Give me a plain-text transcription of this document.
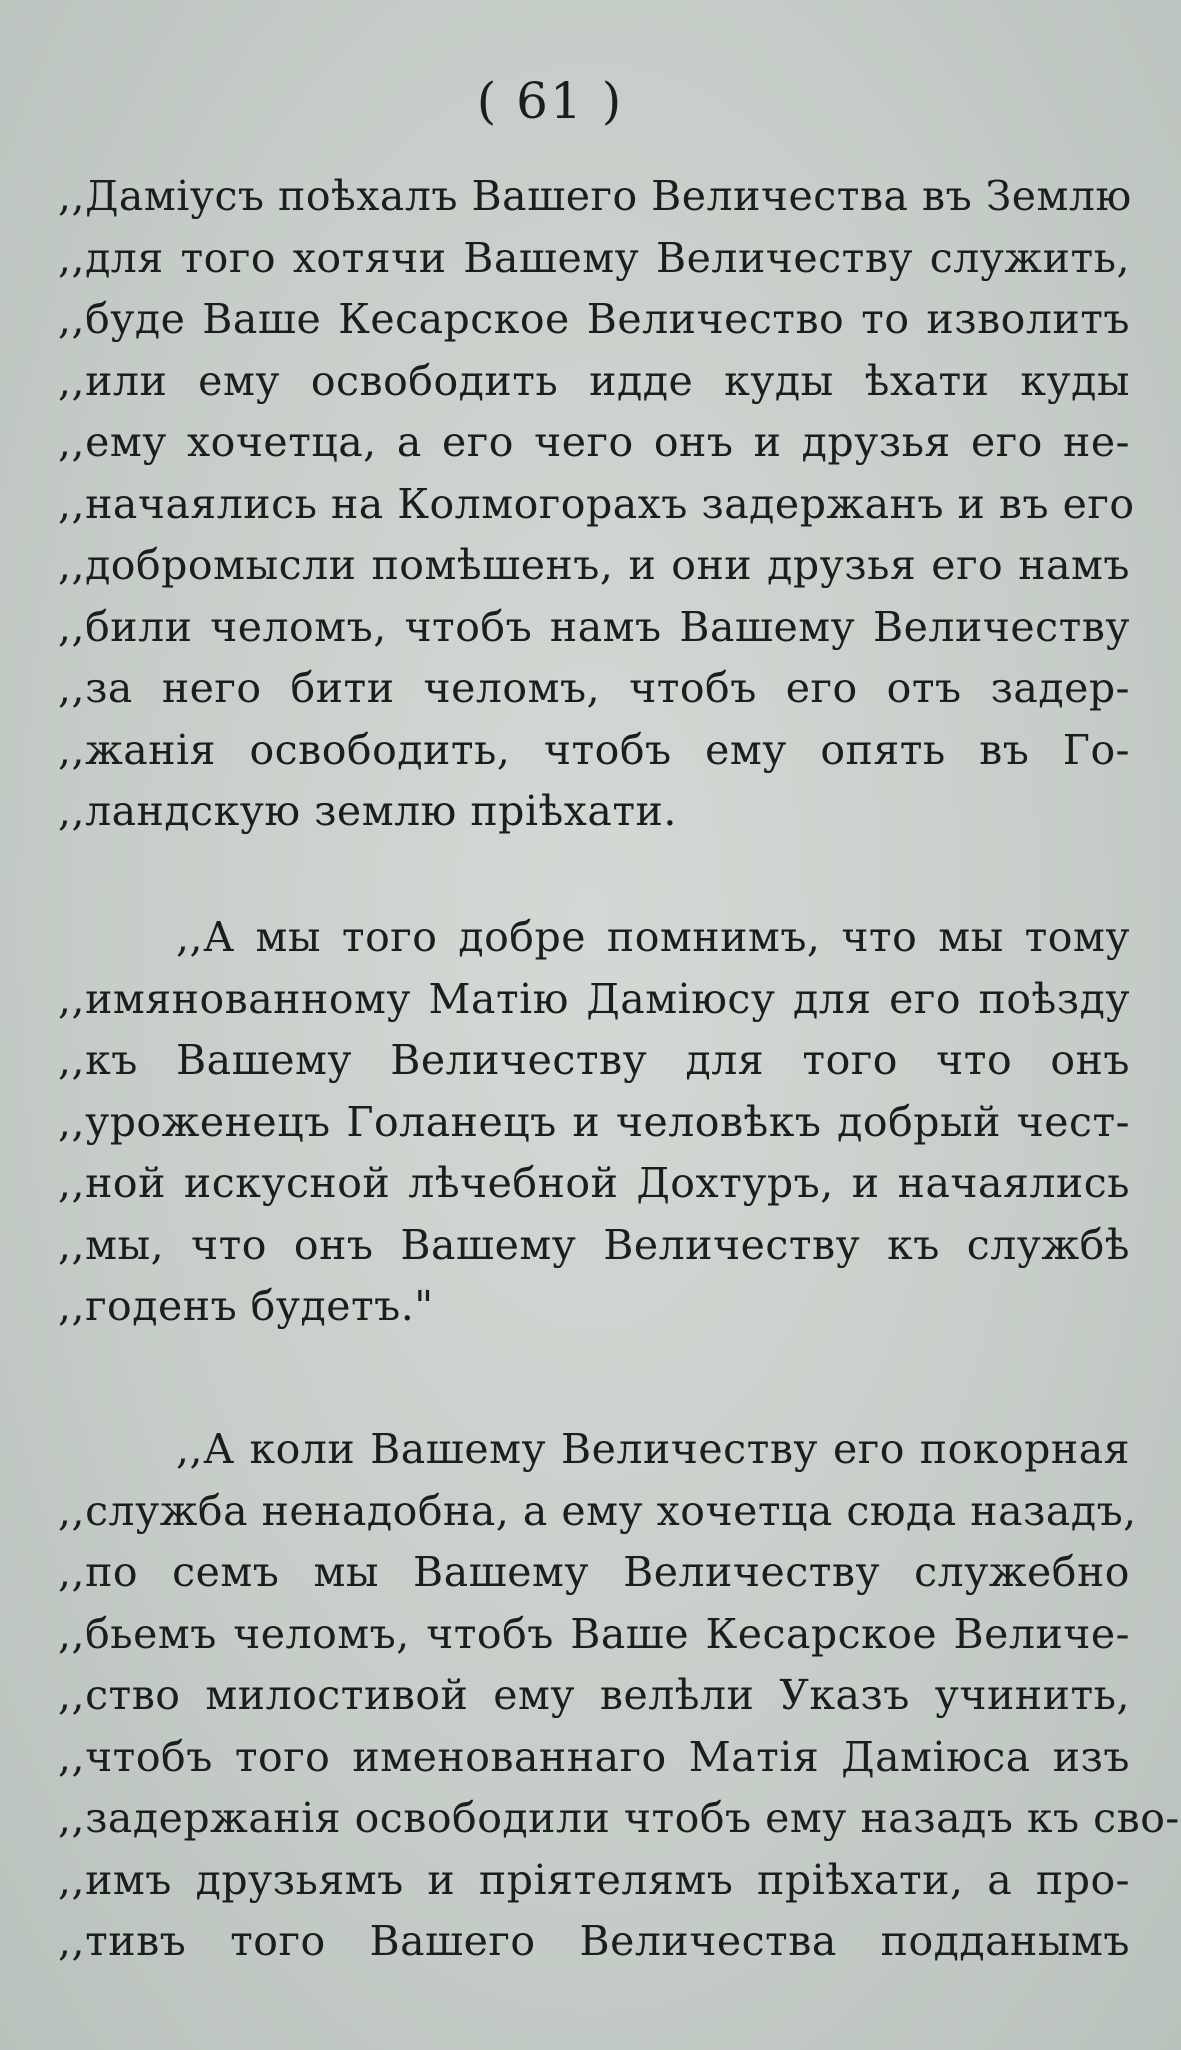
( 61 )
,,Дамiусъ поѣхалъ Вашего Величества въ Землю
,,для того хотячи Вашему Величеству служить,
,,буде Ваше Кесарское Величество то изволитъ
,,или ему освободить идде куды ѣхати куды
,,ему хочетца, а его чего онъ и друзья его не-
,,начаялись на Колмогорахъ задержанъ и въ его
,,добромысли помѣшенъ, и они друзья его намъ
,,били челомъ, чтобъ намъ Вашему Величеству
,,за него бити челомъ, чтобъ его отъ задер-
,,жанія освободить, чтобъ ему опять въ Го-
,,ландскую землю прiѣхати.
,,А мы того добре помнимъ, что мы тому
,,имянованному Матiю Дамiюсу для его поѣзду
,,къ Вашему Величеству для того что онъ
,,уроженецъ Голанецъ и человѣкъ добрый чест-
,,ной искусной лѣчебной Дохтуръ, и начаялись
,,мы, что онъ Вашему Величеству къ службѣ
,,годенъ будетъ."
,,А коли Вашему Величеству его покорная
,,служба ненадобна, а ему хочетца сюда назадъ,
,,по семъ мы Вашему Величеству служебно
,,бьемъ челомъ, чтобъ Ваше Кесарское Величе-
,,ство милостивой ему велѣли Указъ учинить,
,,чтобъ того именованнаго Матiя Дамiюса изъ
,,задержанія освободили чтобъ ему назадъ къ сво-
,,имъ друзьямъ и прiятелямъ прiѣхати, а про-
,,тивъ того Вашего Величества подданымъ
